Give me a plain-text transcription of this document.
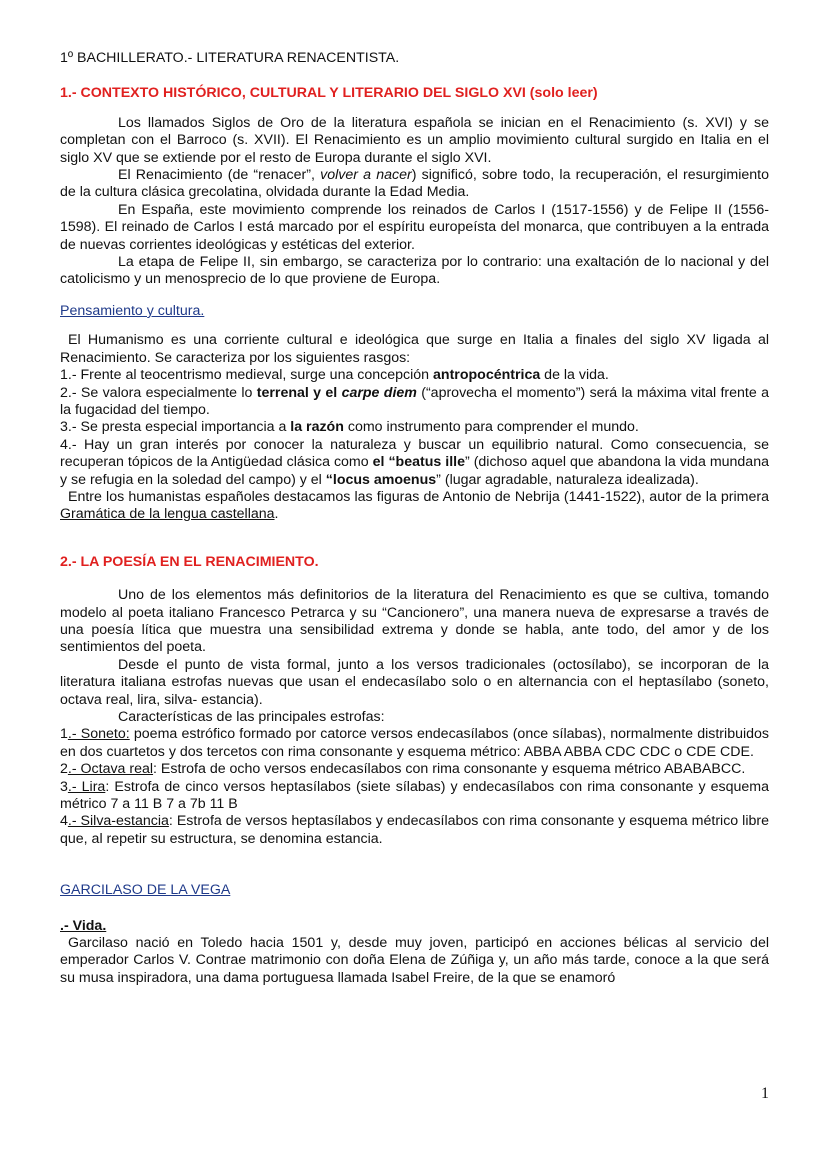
1º BACHILLERATO.- LITERATURA RENACENTISTA.

1.- CONTEXTO HISTÓRICO, CULTURAL Y LITERARIO DEL SIGLO XVI (solo leer)

Los llamados Siglos de Oro de la literatura española se inician en el Renacimiento (s. XVI) y se completan con el Barroco (s. XVII). El Renacimiento es un amplio movimiento cultural surgido en Italia en el siglo XV que se extiende por el resto de Europa durante el siglo XVI.

El Renacimiento (de “renacer”, volver a nacer) significó, sobre todo, la recuperación, el resurgimiento de la cultura clásica grecolatina, olvidada durante la Edad Media.

En España, este movimiento comprende los reinados de Carlos I (1517-1556) y de Felipe II (1556-1598). El reinado de Carlos I está marcado por el espíritu europeísta del monarca, que contribuyen a la entrada de nuevas corrientes ideológicas y estéticas del exterior.

La etapa de Felipe II, sin embargo, se caracteriza por lo contrario: una exaltación de lo nacional y del catolicismo y un menosprecio de lo que proviene de Europa.

Pensamiento y cultura.

El Humanismo es una corriente cultural e ideológica que surge en Italia a finales del siglo XV ligada al Renacimiento. Se caracteriza por los siguientes rasgos:

1.- Frente al teocentrismo medieval, surge una concepción antropocéntrica de la vida.

2.- Se valora especialmente lo terrenal y el carpe diem (“aprovecha el momento”) será la máxima vital frente a la fugacidad del tiempo.

3.- Se presta especial importancia a la razón como instrumento para comprender el mundo.

4.- Hay un gran interés por conocer la naturaleza y buscar un equilibrio natural. Como consecuencia, se recuperan tópicos de la Antigüedad clásica como el “beatus ille” (dichoso aquel que abandona la vida mundana y se refugia en la soledad del campo) y el “locus amoenus” (lugar agradable, naturaleza idealizada).

Entre los humanistas españoles destacamos las figuras de Antonio de Nebrija (1441-1522), autor de la primera Gramática de la lengua castellana.

2.- LA POESÍA EN EL RENACIMIENTO.

Uno de los elementos más definitorios de la literatura del Renacimiento es que se cultiva, tomando modelo al poeta italiano Francesco Petrarca y su “Cancionero”, una manera nueva de expresarse a través de una poesía lítica que muestra una sensibilidad extrema y donde se habla, ante todo, del amor y de los sentimientos del poeta.

Desde el punto de vista formal, junto a los versos tradicionales (octosílabo), se incorporan de la literatura italiana estrofas nuevas que usan el endecasílabo solo o en alternancia con el heptasílabo (soneto, octava real, lira, silva- estancia).

Características de las principales estrofas:

1.- Soneto: poema estrófico formado por catorce versos endecasílabos (once sílabas), normalmente distribuidos en dos cuartetos y dos tercetos con rima consonante y esquema métrico: ABBA ABBA CDC CDC o CDE CDE.

2.- Octava real: Estrofa de ocho versos endecasílabos con rima consonante y esquema métrico ABABABCC.

3.- Lira: Estrofa de cinco versos heptasílabos (siete sílabas) y endecasílabos con rima consonante y esquema métrico 7 a 11 B 7 a 7b 11 B

4.- Silva-estancia: Estrofa de versos heptasílabos y endecasílabos con rima consonante y esquema métrico libre que, al repetir su estructura, se denomina estancia.

GARCILASO DE LA VEGA

.- Vida.

Garcilaso nació en Toledo hacia 1501 y, desde muy joven, participó en acciones bélicas al servicio del emperador Carlos V. Contrae matrimonio con doña Elena de Zúñiga y, un año más tarde, conoce a la que será su musa inspiradora, una dama portuguesa llamada Isabel Freire, de la que se enamoró

1
